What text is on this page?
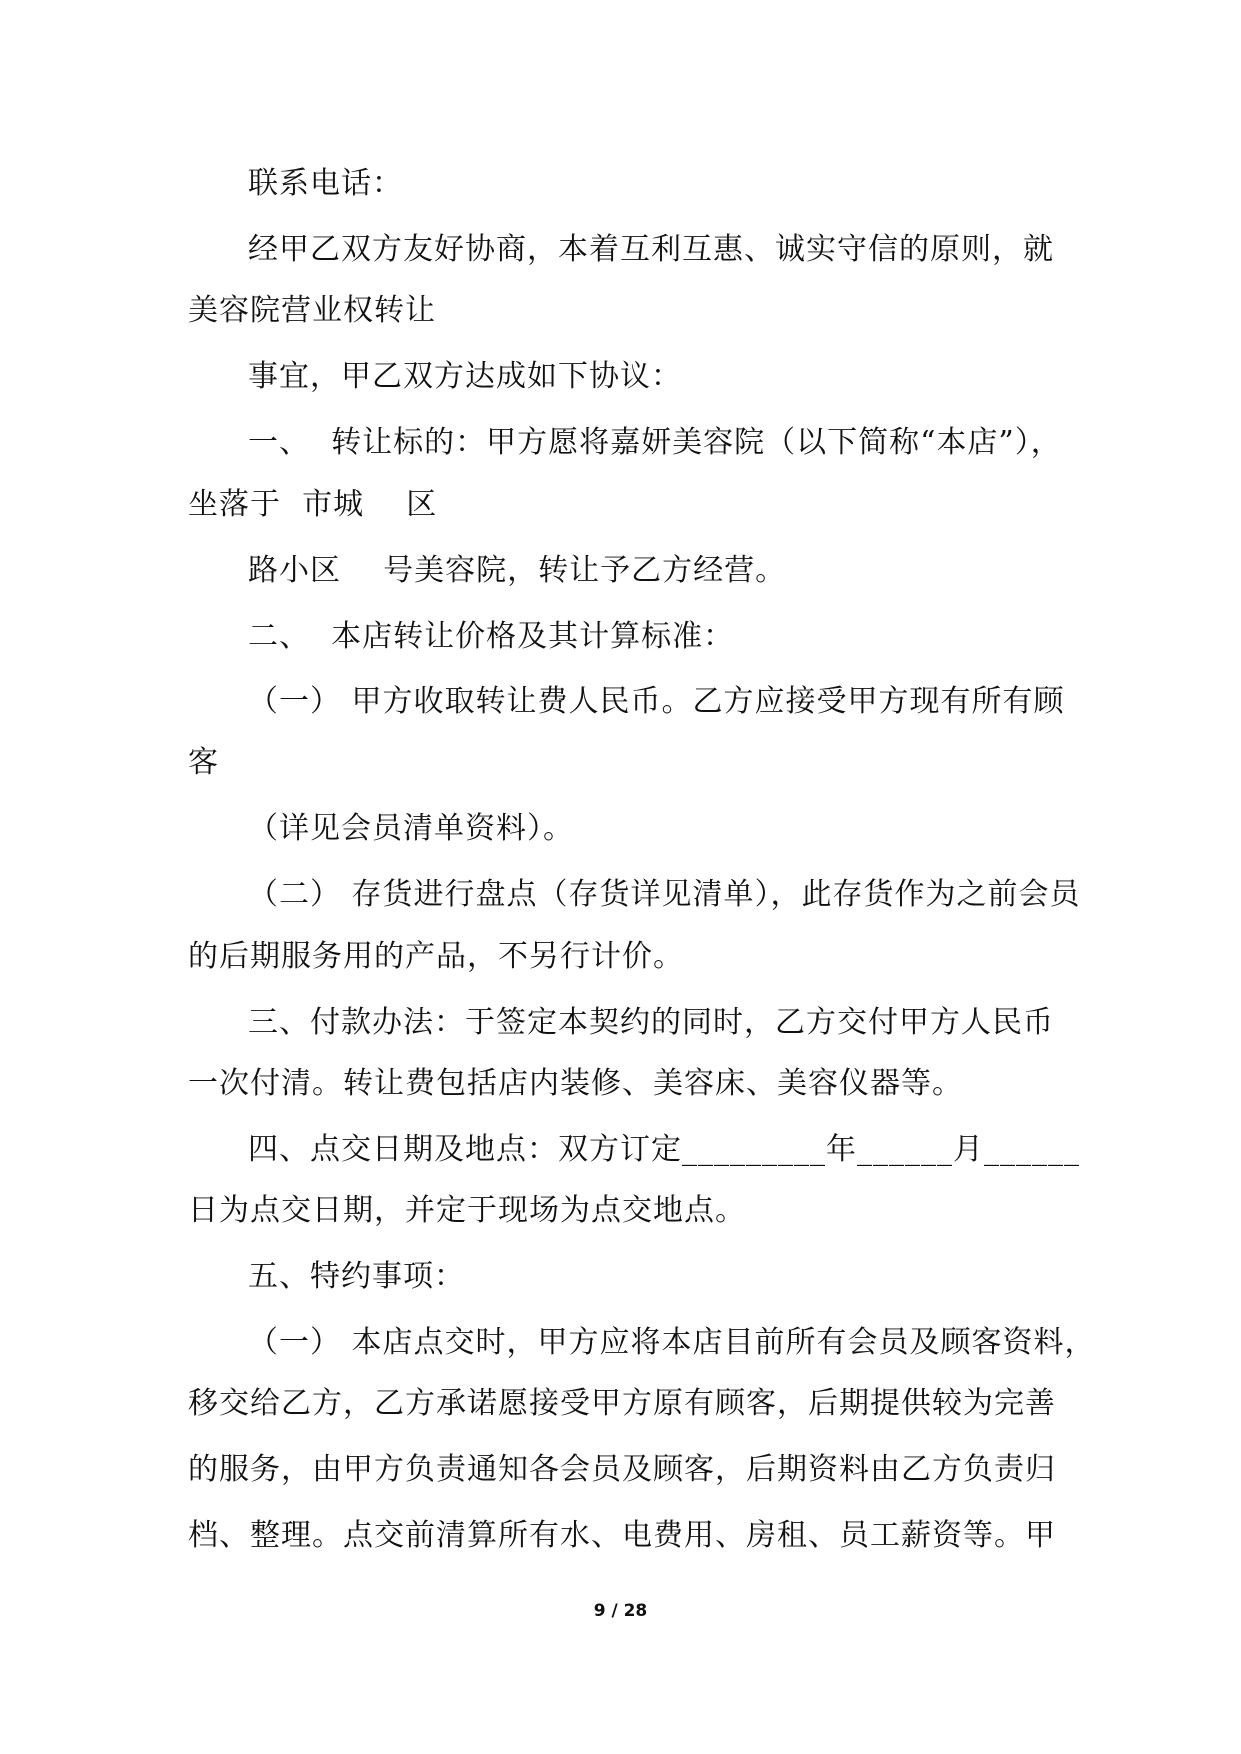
联系电话：
经甲乙双方友好协商，本着互利互惠、诚实守信的原则，就
美容院营业权转让
事宜，甲乙双方达成如下协议：
一、  转让标的：甲方愿将嘉妍美容院（以下简称“本店”），
坐落于  市城    区
路小区    号美容院，转让予乙方经营。
二、  本店转让价格及其计算标准：
（一） 甲方收取转让费人民币。乙方应接受甲方现有所有顾
客
（详见会员清单资料）。
（二） 存货进行盘点（存货详见清单），此存货作为之前会员
的后期服务用的产品，不另行计价。
三、付款办法：于签定本契约的同时，乙方交付甲方人民币
一次付清。转让费包括店内装修、美容床、美容仪器等。
四、点交日期及地点：双方订定_________年______月______
日为点交日期，并定于现场为点交地点。
五、特约事项：
（一） 本店点交时，甲方应将本店目前所有会员及顾客资料，
移交给乙方，乙方承诺愿接受甲方原有顾客，后期提供较为完善
的服务，由甲方负责通知各会员及顾客，后期资料由乙方负责归
档、整理。点交前清算所有水、电费用、房租、员工薪资等。甲
9 / 28
